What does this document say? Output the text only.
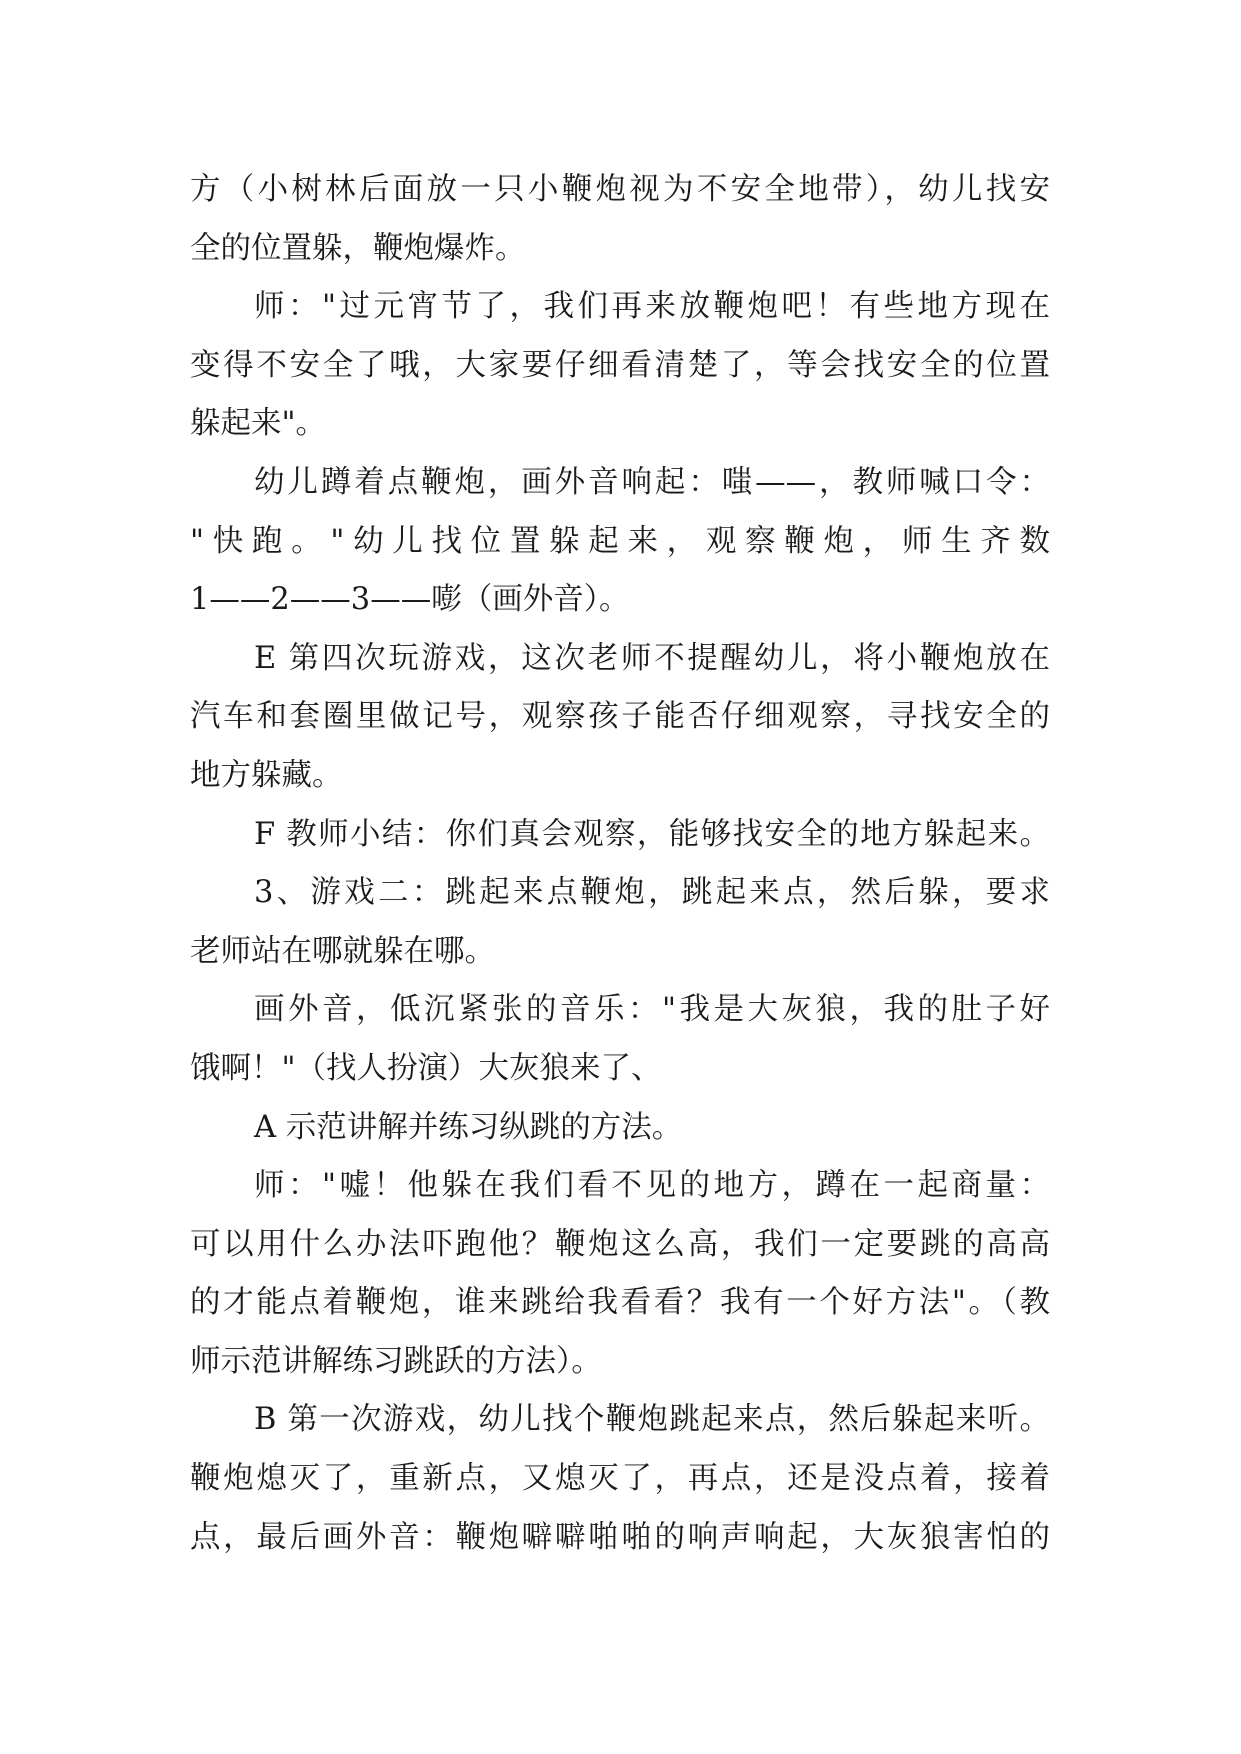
方（小树林后面放一只小鞭炮视为不安全地带），幼儿找安
全的位置躲，鞭炮爆炸。
师："过元宵节了，我们再来放鞭炮吧！有些地方现在
变得不安全了哦，大家要仔细看清楚了，等会找安全的位置
躲起来"。
幼儿蹲着点鞭炮，画外音响起：嗤——，教师喊口令：
"快跑。"幼儿找位置躲起来，观察鞭炮，师生齐数
1——2——3——嘭（画外音）。
E 第四次玩游戏，这次老师不提醒幼儿，将小鞭炮放在
汽车和套圈里做记号，观察孩子能否仔细观察，寻找安全的
地方躲藏。
F 教师小结：你们真会观察，能够找安全的地方躲起来。
3、游戏二：跳起来点鞭炮，跳起来点，然后躲，要求
老师站在哪就躲在哪。
画外音，低沉紧张的音乐："我是大灰狼，我的肚子好
饿啊！"（找人扮演）大灰狼来了、
A 示范讲解并练习纵跳的方法。
师："嘘！他躲在我们看不见的地方，蹲在一起商量：
可以用什么办法吓跑他？鞭炮这么高，我们一定要跳的高高
的才能点着鞭炮，谁来跳给我看看？我有一个好方法"。（教
师示范讲解练习跳跃的方法）。
B 第一次游戏，幼儿找个鞭炮跳起来点，然后躲起来听。
鞭炮熄灭了，重新点，又熄灭了，再点，还是没点着，接着
点，最后画外音：鞭炮噼噼啪啪的响声响起，大灰狼害怕的
